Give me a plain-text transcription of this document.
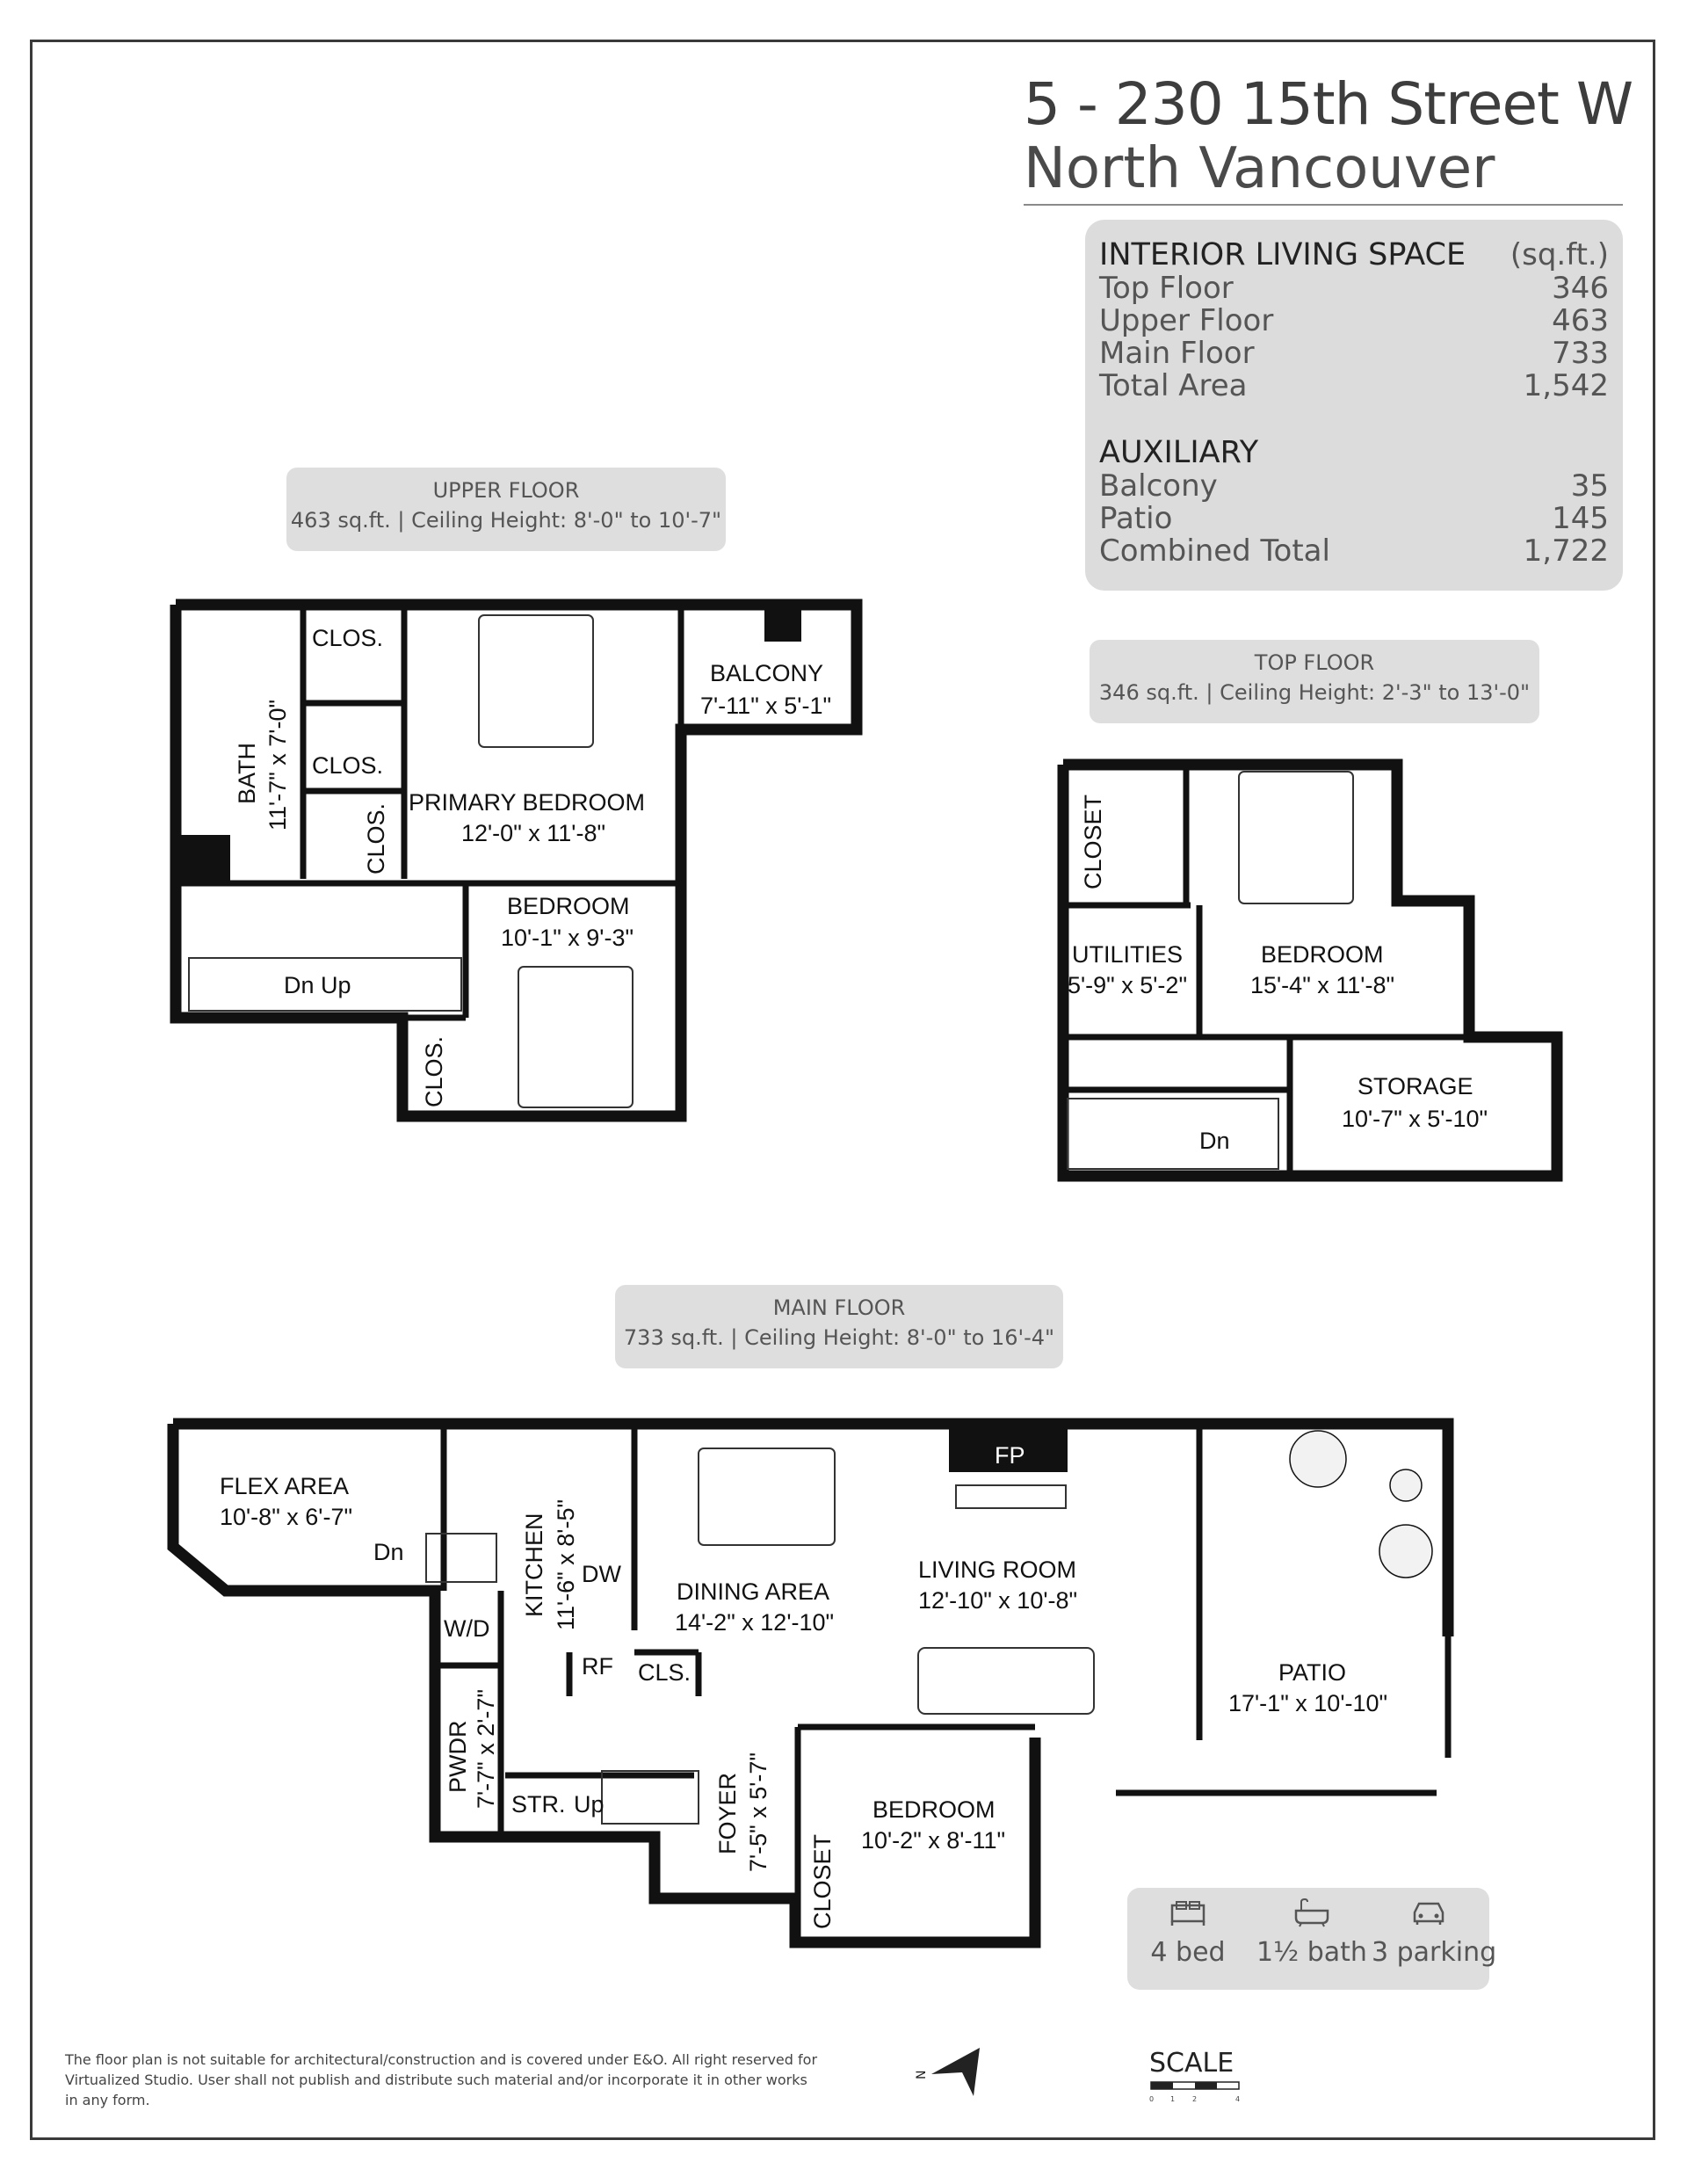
5 - 230 15th Street W
North Vancouver
INTERIOR LIVING SPACE (sq.ft.)
Top Floor	346
Upper Floor	463
Main Floor	733
Total Area	1,542
AUXILIARY
Balcony	35
Patio	145
Combined Total	1,722
UPPER FLOOR
463 sq.ft. | Ceiling Height: 8'-0" to 10'-7"
TOP FLOOR
346 sq.ft. | Ceiling Height: 2'-3" to 13'-0"
MAIN FLOOR
733 sq.ft. | Ceiling Height: 8'-0" to 16'-4"
CLOS.
CLOS.
CLOS.
CLOS.
BALCONY
7'-11" x 5'-1"
BATH 11'-7" x 7'-0"	PRIMARY BEDROOM
12'-0" x 11'-8"
BEDROOM
10'-1" x 9'-3"
Dn Up
CLOSET
UTILITIES
5'-9" x 5'-2"
BEDROOM
15'-4" x 11'-8"
STORAGE
10'-7" x 5'-10"
Dn
FLEX AREA
10'-8" x 6'-7"
Dn	KITCHEN 11'-6" x 8'-5" DW
W/D
RF CLS.
FP
DINING AREA
14'-2" x 12'-10"
LIVING ROOM
12'-10" x 10'-8"
PATIO
17'-1" x 10'-10"
PWDR 7'-7" x 2'-7" STR. Up	FOYER 7'-5" x 5'-7"
CLOSET
BEDROOM
10'-2" x 8'-11"
4 bed	1½ bath 3 parking
The floor plan is not suitable for architectural/construction and is covered under E&O. All right reserved for Virtualized Studio. User shall not publish and distribute such material and/or incorporate it in other works in any form.
N	SCALE
0 1 2	4
